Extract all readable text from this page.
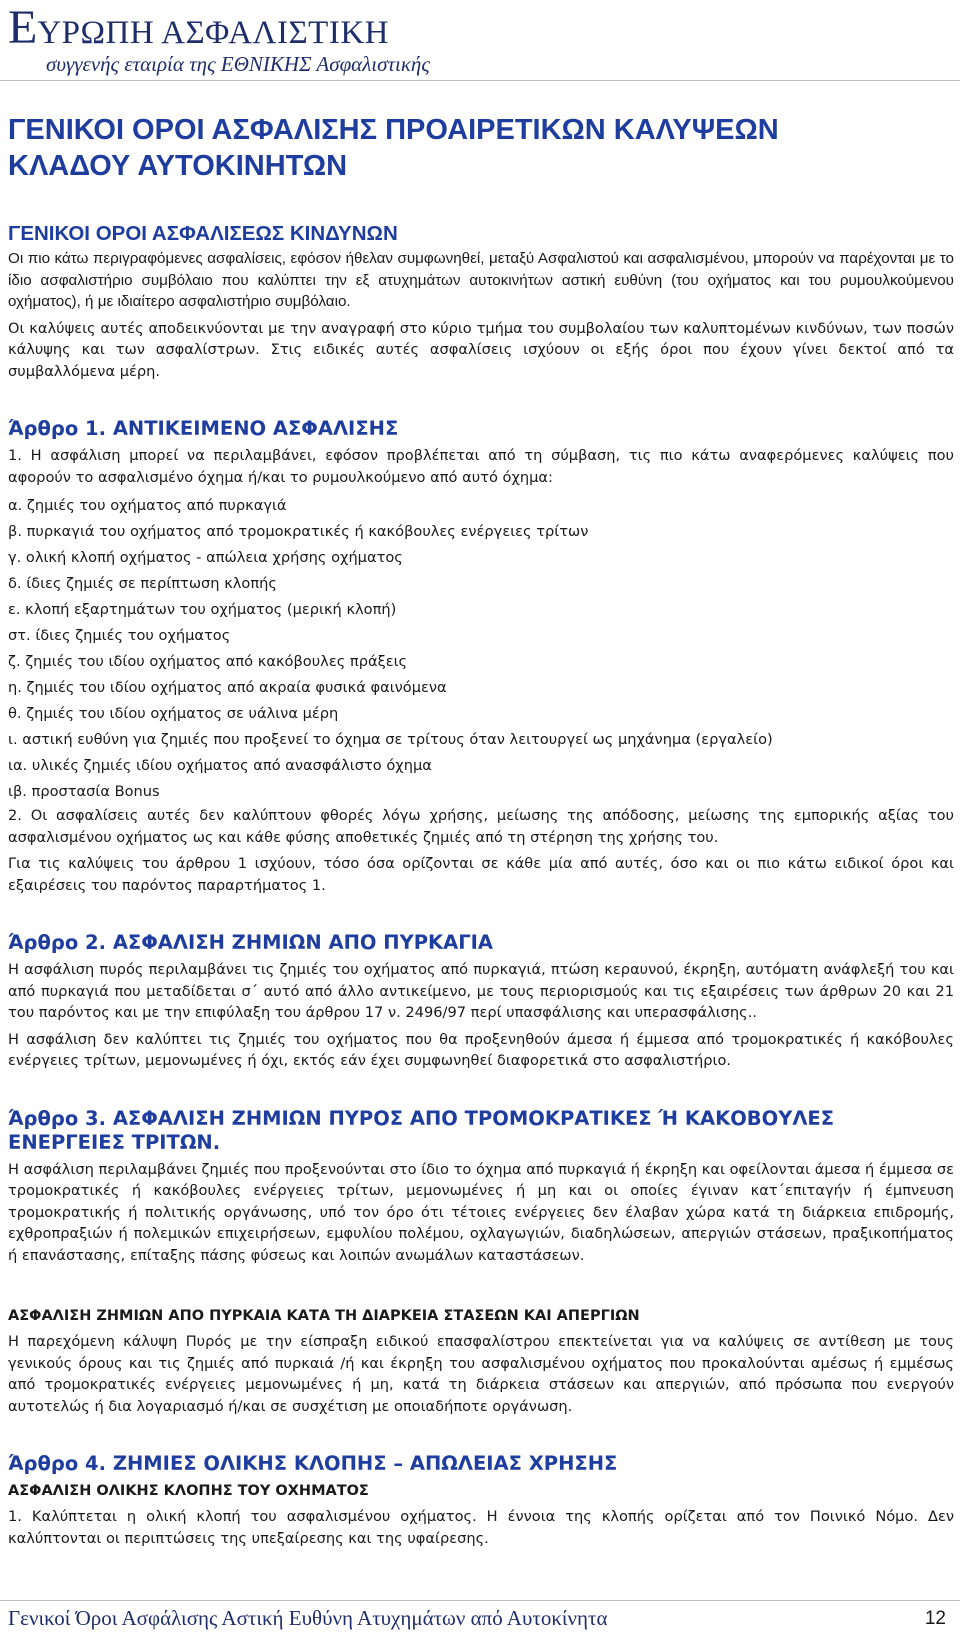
ΕΥΡΩΠΗ ΑΣΦΑΛΙΣΤΙΚΗ
συγγενής εταιρία της ΕΘΝΙΚΗΣ Ασφαλιστικής
ΓΕΝΙΚΟΙ ΟΡΟΙ ΑΣΦΑΛΙΣΗΣ ΠΡΟΑΙΡΕΤΙΚΩΝ ΚΑΛΥΨΕΩΝ
ΚΛΑΔΟΥ ΑΥΤΟΚΙΝΗΤΩΝ
ΓΕΝΙΚΟΙ ΟΡΟΙ ΑΣΦΑΛΙΣΕΩΣ ΚΙΝΔΥΝΩΝ

Οι πιο κάτω περιγραφόμενες ασφαλίσεις, εφόσον ήθελαν συμφωνηθεί, μεταξύ Ασφαλιστού και ασφαλισμένου, μπορούν να παρέχονται με το ίδιο ασφαλιστήριο συμβόλαιο που καλύπτει την εξ ατυχημάτων αυτοκινήτων αστική ευθύνη (του οχήματος και του ρυμουλκούμενου οχήματος), ή με ιδιαίτερο ασφαλιστήριο συμβόλαιο.

Οι καλύψεις αυτές αποδεικνύονται με την αναγραφή στο κύριο τμήμα του συμβολαίου των καλυπτομένων κινδύνων, των ποσών κάλυψης και των ασφαλίστρων. Στις ειδικές αυτές ασφαλίσεις ισχύουν οι εξής όροι που έχουν γίνει δεκτοί από τα συμβαλλόμενα μέρη.

Άρθρο 1. ΑΝΤΙΚΕΙΜΕΝΟ ΑΣΦΑΛΙΣΗΣ

1. Η ασφάλιση μπορεί να περιλαμβάνει, εφόσον προβλέπεται από τη σύμβαση, τις πιο κάτω αναφερόμενες καλύψεις που αφορούν το ασφαλισμένο όχημα ή/και το ρυμουλκούμενο από αυτό όχημα:

α. ζημιές του οχήματος από πυρκαγιά

β. πυρκαγιά του οχήματος από τρομοκρατικές ή κακόβουλες ενέργειες τρίτων

γ. ολική κλοπή οχήματος - απώλεια χρήσης οχήματος

δ. ίδιες ζημιές σε περίπτωση κλοπής

ε. κλοπή εξαρτημάτων του οχήματος (μερική κλοπή)

στ. ίδιες ζημιές του οχήματος

ζ. ζημιές του ιδίου οχήματος από κακόβουλες πράξεις

η. ζημιές του ιδίου οχήματος από ακραία φυσικά φαινόμενα

θ. ζημιές του ιδίου οχήματος σε υάλινα μέρη

ι. αστική ευθύνη για ζημιές που προξενεί το όχημα σε τρίτους όταν λειτουργεί ως μηχάνημα (εργαλείο)

ια. υλικές ζημιές ιδίου οχήματος από ανασφάλιστο όχημα

ιβ. προστασία Bonus

2. Οι ασφαλίσεις αυτές δεν καλύπτουν φθορές λόγω χρήσης, μείωσης της απόδοσης, μείωσης της εμπορικής αξίας του ασφαλισμένου οχήματος ως και κάθε φύσης αποθετικές ζημιές από τη στέρηση της χρήσης του.

Για τις καλύψεις του άρθρου 1 ισχύουν, τόσο όσα ορίζονται σε κάθε μία από αυτές, όσο και οι πιο κάτω ειδικοί όροι και εξαιρέσεις του παρόντος παραρτήματος 1.

Άρθρο 2. ΑΣΦΑΛΙΣΗ ΖΗΜΙΩΝ ΑΠΟ ΠΥΡΚΑΓΙΑ

Η ασφάλιση πυρός περιλαμβάνει τις ζημιές του οχήματος από πυρκαγιά, πτώση κεραυνού, έκρηξη, αυτόματη ανάφλεξή του και από πυρκαγιά που μεταδίδεται σ΄ αυτό από άλλο αντικείμενο, με τους περιορισμούς και τις εξαιρέσεις των άρθρων 20 και 21 του παρόντος και με την επιφύλαξη του άρθρου 17 ν. 2496/97 περί υπασφάλισης και υπερασφάλισης..

Η ασφάλιση δεν καλύπτει τις ζημιές του οχήματος που θα προξενηθούν άμεσα ή έμμεσα από τρομοκρατικές ή κακόβουλες ενέργειες τρίτων, μεμονωμένες ή όχι, εκτός εάν έχει συμφωνηθεί διαφορετικά στο ασφαλιστήριο.

Άρθρο 3. ΑΣΦΑΛΙΣΗ ΖΗΜΙΩΝ ΠΥΡΟΣ ΑΠΟ ΤΡΟΜΟΚΡΑΤΙΚΕΣ Ή ΚΑΚΟΒΟΥΛΕΣ
ΕΝΕΡΓΕΙΕΣ ΤΡΙΤΩΝ.

Η ασφάλιση περιλαμβάνει ζημιές που προξενούνται στο ίδιο το όχημα από πυρκαγιά ή έκρηξη και οφείλονται άμεσα ή έμμεσα σε τρομοκρατικές ή κακόβουλες ενέργειες τρίτων, μεμονωμένες ή μη και οι οποίες έγιναν κατ΄επιταγήν ή έμπνευση τρομοκρατικής ή πολιτικής οργάνωσης, υπό τον όρο ότι τέτοιες ενέργειες δεν έλαβαν χώρα κατά τη διάρκεια επιδρομής, εχθροπραξιών ή πολεμικών επιχειρήσεων, εμφυλίου πολέμου, οχλαγωγιών, διαδηλώσεων, απεργιών στάσεων, πραξικοπήματος ή επανάστασης, επίταξης πάσης φύσεως και λοιπών ανωμάλων καταστάσεων.

ΑΣΦΑΛΙΣΗ ΖΗΜΙΩΝ ΑΠΟ ΠΥΡΚΑΙΑ ΚΑΤΑ ΤΗ ΔΙΑΡΚΕΙΑ ΣΤΑΣΕΩΝ ΚΑΙ ΑΠΕΡΓΙΩΝ

Η παρεχόμενη κάλυψη Πυρός με την είσπραξη ειδικού επασφαλίστρου επεκτείνεται για να καλύψεις σε αντίθεση με τους γενικούς όρους και τις ζημιές από πυρκαιά /ή και έκρηξη του ασφαλισμένου οχήματος που προκαλούνται αμέσως ή εμμέσως από τρομοκρατικές ενέργειες μεμονωμένες ή μη, κατά τη διάρκεια στάσεων και απεργιών, από πρόσωπα που ενεργούν αυτοτελώς ή δια λογαριασμό ή/και σε συσχέτιση με οποιαδήποτε οργάνωση.

Άρθρο 4. ΖΗΜΙΕΣ ΟΛΙΚΗΣ ΚΛΟΠΗΣ – ΑΠΩΛΕΙΑΣ ΧΡΗΣΗΣ
ΑΣΦΑΛΙΣΗ ΟΛΙΚΗΣ ΚΛΟΠΗΣ ΤΟΥ ΟΧΗΜΑΤΟΣ

1. Καλύπτεται η ολική κλοπή του ασφαλισμένου οχήματος. Η έννοια της κλοπής ορίζεται από τον Ποινικό Νόμο. Δεν καλύπτονται οι περιπτώσεις της υπεξαίρεσης και της υφαίρεσης.

Γενικοί Όροι Ασφάλισης Αστική Ευθύνη Ατυχημάτων από Αυτοκίνητα	12
